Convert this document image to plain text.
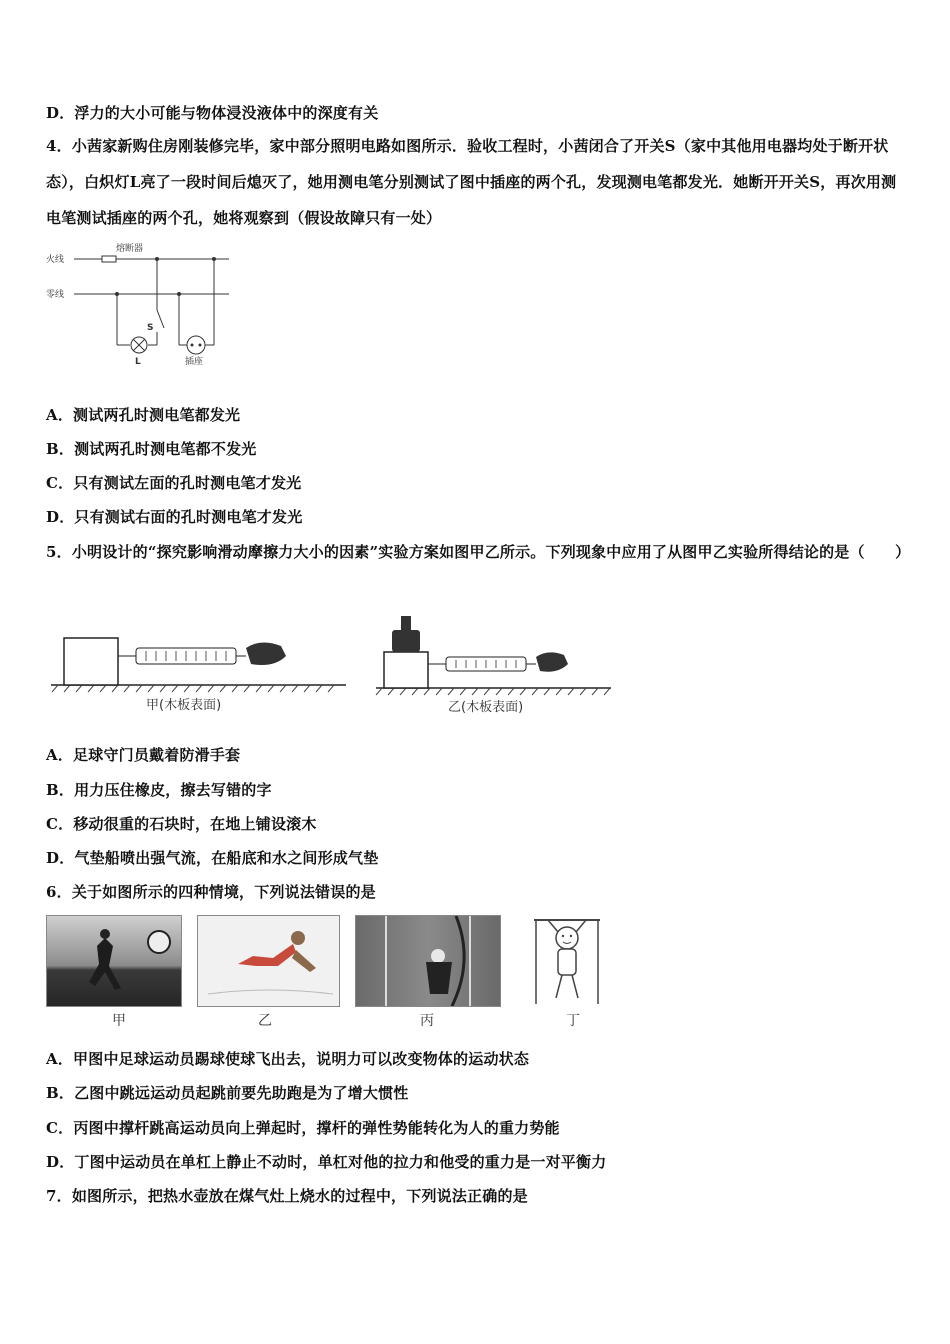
D．浮力的大小可能与物体浸没液体中的深度有关
4．小茜家新购住房刚装修完毕，家中部分照明电路如图所示．验收工程时，小茜闭合了开关S（家中其他用电器均处于断开状态），白炽灯L亮了一段时间后熄灭了，她用测电笔分别测试了图中插座的两个孔，发现测电笔都发光．她断开开关S，再次用测电笔测试插座的两个孔，她将观察到（假设故障只有一处）
火线
零线
熔断器
S
L	插座
A．测试两孔时测电笔都发光
B．测试两孔时测电笔都不发光
C．只有测试左面的孔时测电笔才发光
D．只有测试右面的孔时测电笔才发光
5．小明设计的“探究影响滑动摩擦力大小的因素”实验方案如图甲乙所示。下列现象中应用了从图甲乙实验所得结论的是（　　）
甲(木板表面)	乙(木板表面)
A．足球守门员戴着防滑手套
B．用力压住橡皮，擦去写错的字
C．移动很重的石块时，在地上铺设滚木
D．气垫船喷出强气流，在船底和水之间形成气垫
6．关于如图所示的四种情境，下列说法错误的是
甲	乙	丙	丁
A．甲图中足球运动员踢球使球飞出去，说明力可以改变物体的运动状态
B．乙图中跳远运动员起跳前要先助跑是为了增大惯性
C．丙图中撑杆跳高运动员向上弹起时，撑杆的弹性势能转化为人的重力势能
D．丁图中运动员在单杠上静止不动时，单杠对他的拉力和他受的重力是一对平衡力
7．如图所示，把热水壶放在煤气灶上烧水的过程中，下列说法正确的是
